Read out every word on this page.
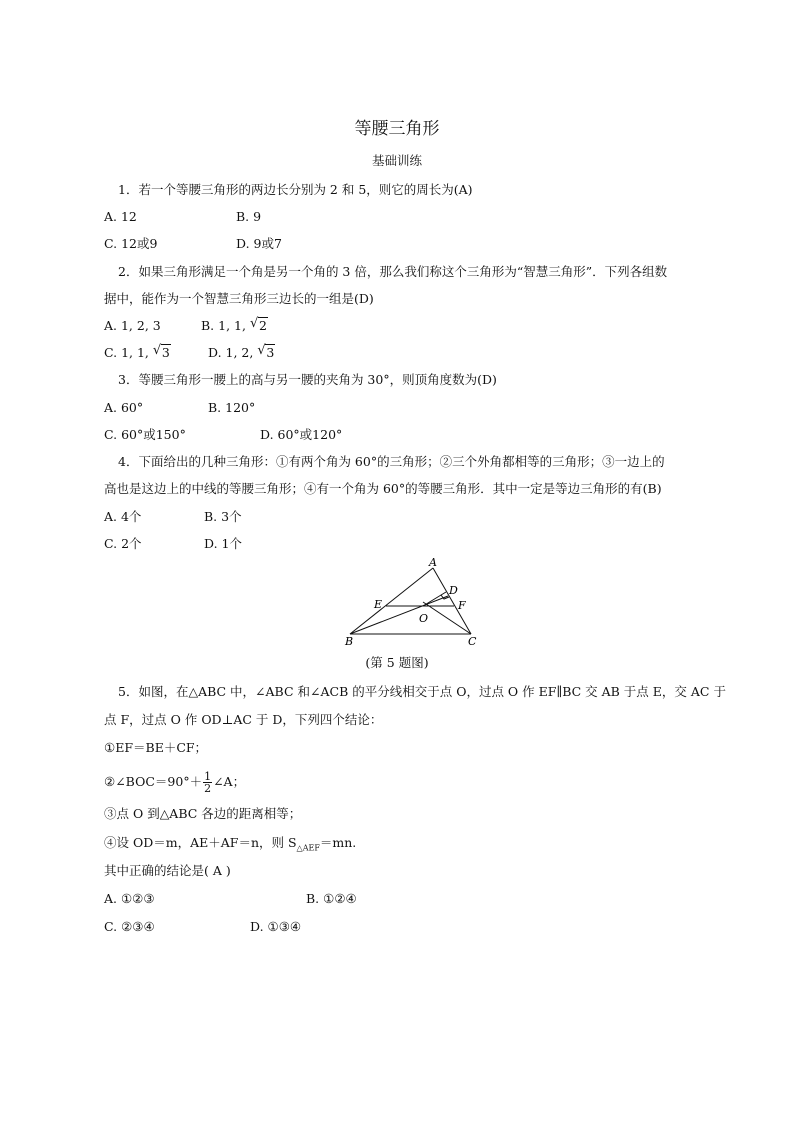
等腰三角形
基础训练
1．若一个等腰三角形的两边长分别为 2 和 5，则它的周长为(A)
A. 12	B. 9
C. 12或9	D. 9或7
2．如果三角形满足一个角是另一个角的 3 倍，那么我们称这个三角形为“智慧三角形”．下列各组数
据中，能作为一个智慧三角形三边长的一组是(D)
A. 1, 2, 3	B. 1, 1, √ 2
C. 1, 1, √ 3	D. 1, 2, √ 3
3．等腰三角形一腰上的高与另一腰的夹角为 30°，则顶角度数为(D)
A. 60°	B. 120°
C. 60°或150°	D. 60°或120°
4．下面给出的几种三角形：①有两个角为 60°的三角形；②三个外角都相等的三角形；③一边上的
高也是这边上的中线的等腰三角形；④有一个角为 60°的等腰三角形．其中一定是等边三角形的有(B)
A. 4个	B. 3个
C. 2个	D. 1个
A
D
E	F
O
B	C
(第 5 题图)
5．如图，在△ABC 中，∠ABC 和∠ACB 的平分线相交于点 O，过点 O 作 EF∥BC 交 AB 于点 E，交 AC 于
点 F，过点 O 作 OD⊥AC 于 D，下列四个结论：
①EF＝BE＋CF；
②∠BOC＝90°＋ $\frac{1}{2}$ ∠A；
③点 O 到△ABC 各边的距离相等；
④设 OD＝m，AE＋AF＝n，则 $S_{\triangle AEF}=mn$.
其中正确的结论是( A )
A. ①②③	B. ①②④
C. ②③④	D. ①③④
